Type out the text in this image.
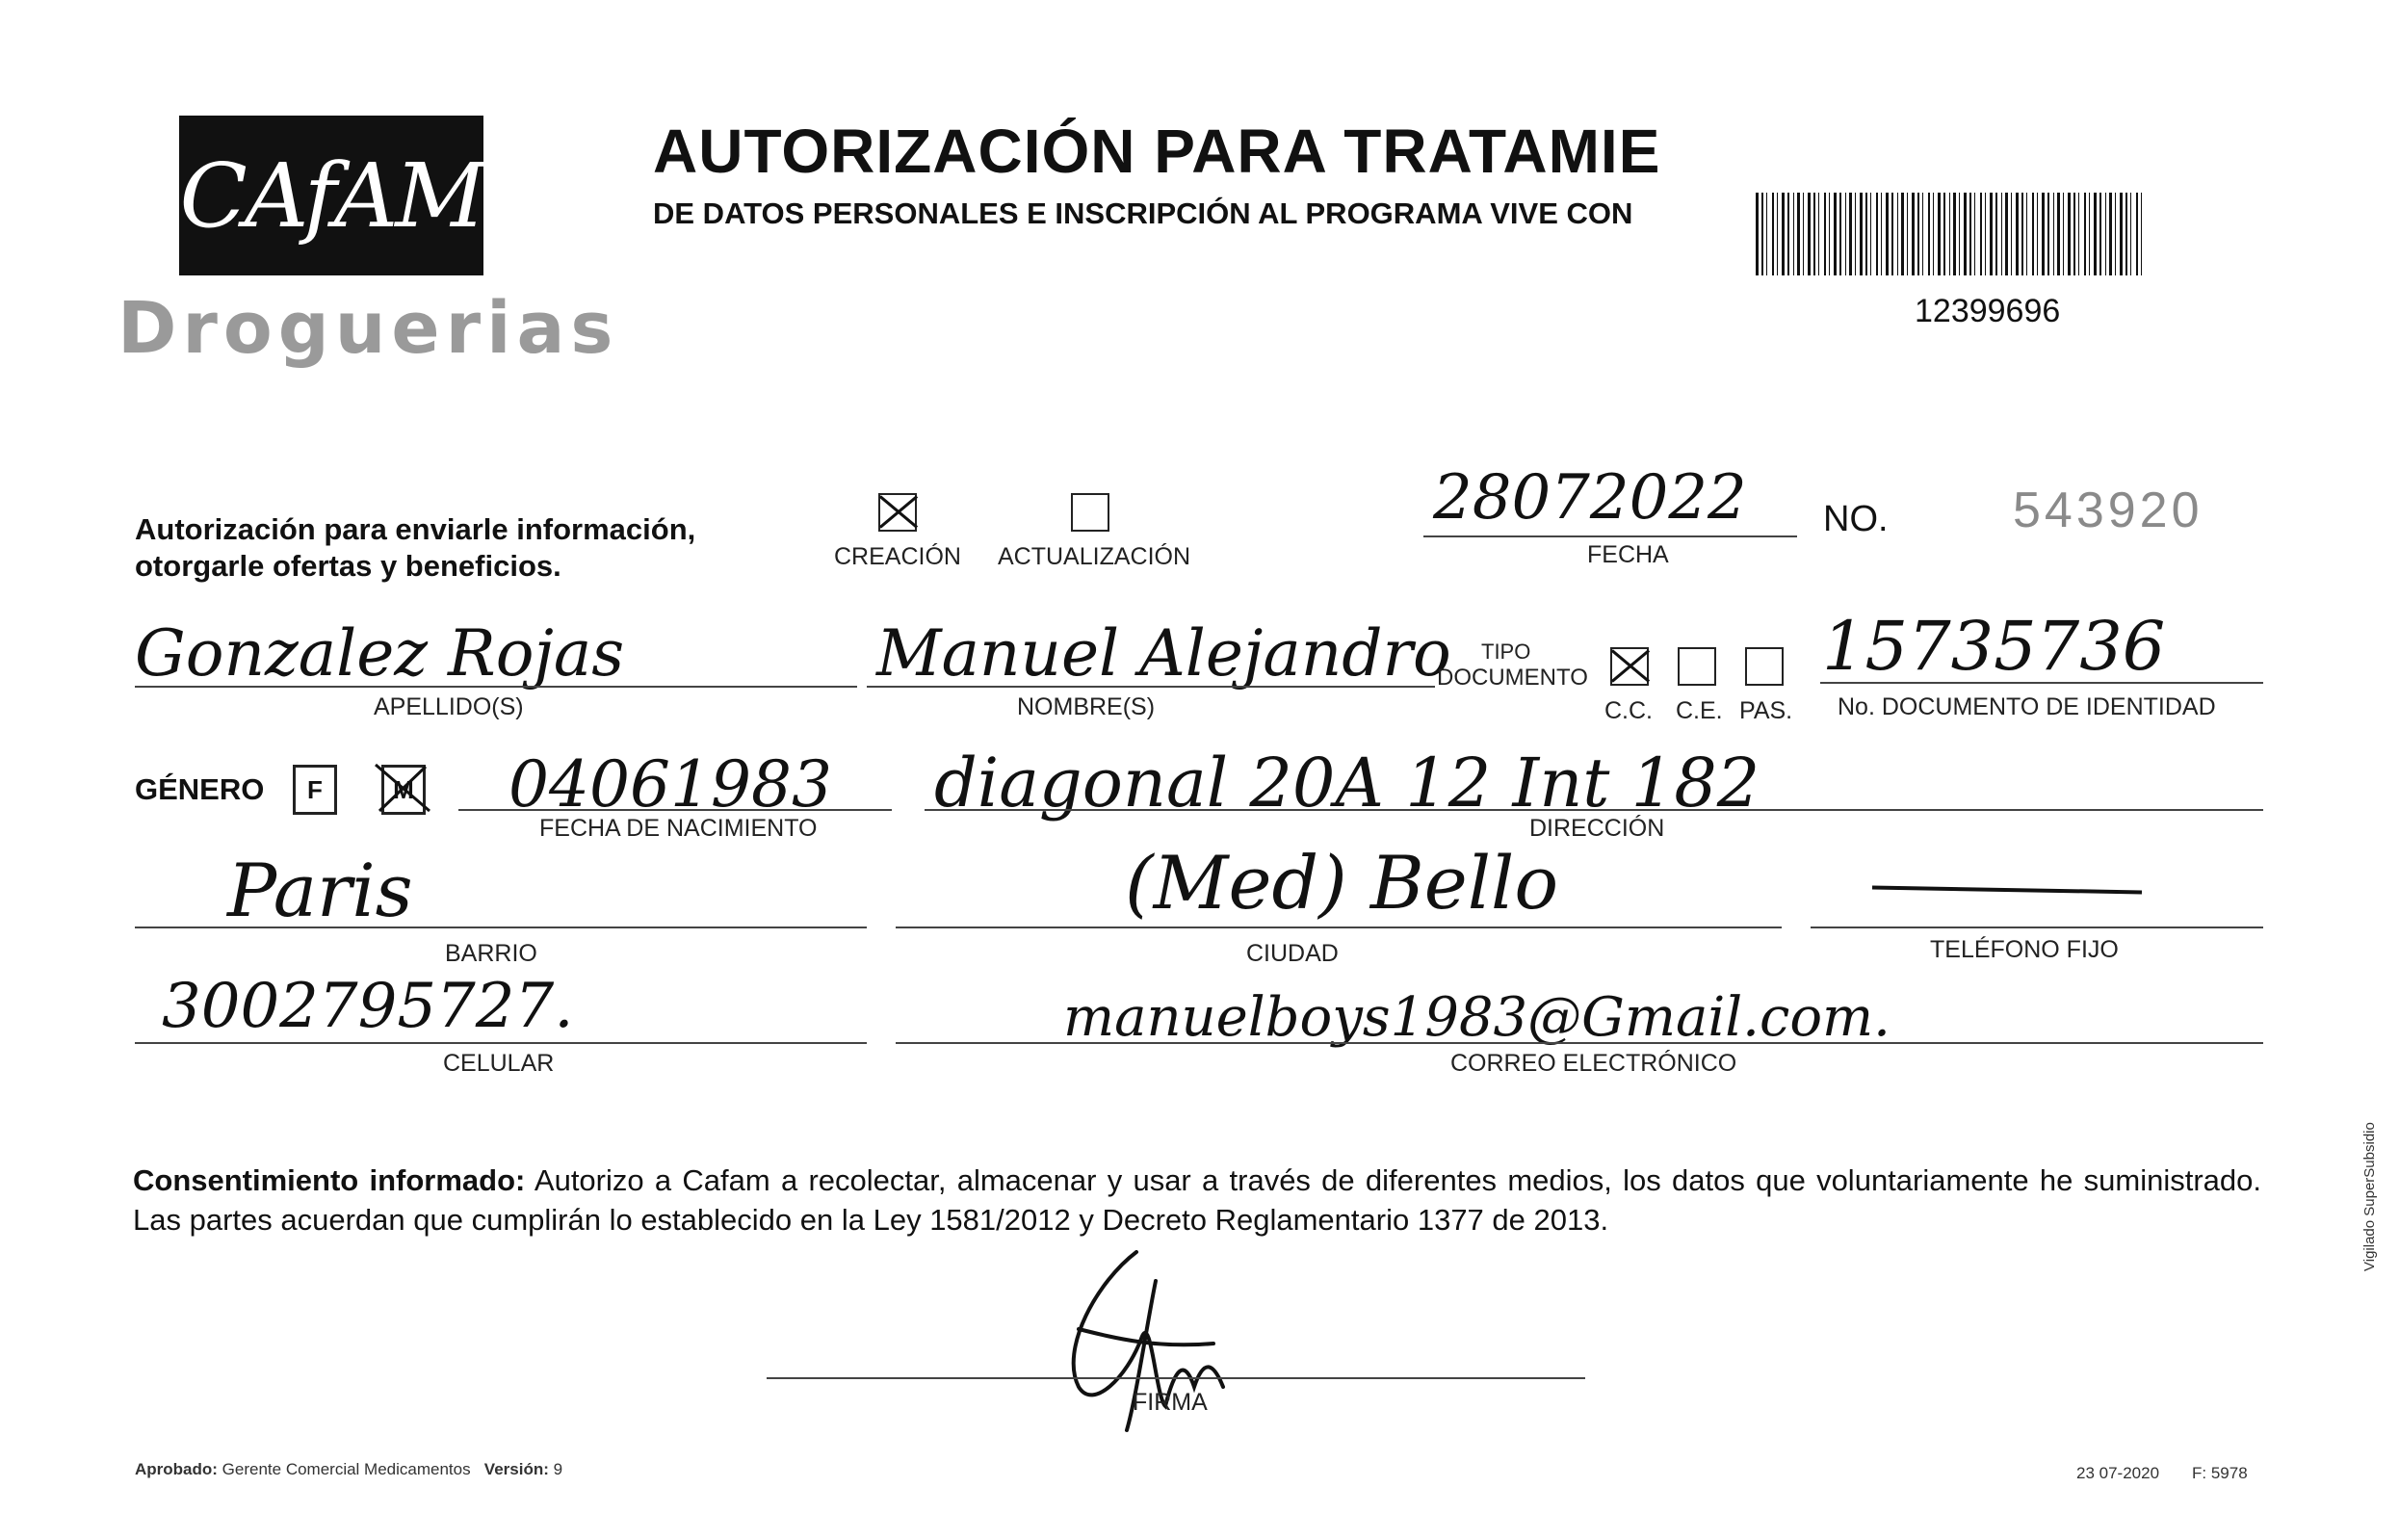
CAfAM
Droguerias
AUTORIZACIÓN PARA TRATAMIE
DE DATOS PERSONALES E INSCRIPCIÓN AL PROGRAMA VIVE CON
12399696
Autorización para enviarle información,
otorgarle ofertas y beneficios.	CREACIÓN ACTUALIZACIÓN
28072022
FECHA
NO. 543920
Gonzalez Rojas
APELLIDO(S)
Manuel Alejandro
NOMBRE(S)
TIPO
DOCUMENTO
C.C. C.E. PAS.
15735736
No. DOCUMENTO DE IDENTIDAD
GÉNERO F	M 04061983
FECHA DE NACIMIENTO
diagonal 20A 12 Int 182
DIRECCIÓN
Paris
BARRIO
(Med) Bello
CIUDAD	TELÉFONO FIJO
3002795727.
CELULAR
manuelboys1983@Gmail.com.
CORREO ELECTRÓNICO
Consentimiento informado: Autorizo a Cafam a recolectar, almacenar y usar a través de diferentes medios, los datos que voluntariamente he suministrado. Las partes acuerdan que cumplirán lo establecido en la Ley 1581/2012 y Decreto Reglamentario 1377 de 2013.
FIRMA
Aprobado: Gerente Comercial Medicamentos Versión: 9	23 07-2020 F: 5978
Vigilado SuperSubsidio
